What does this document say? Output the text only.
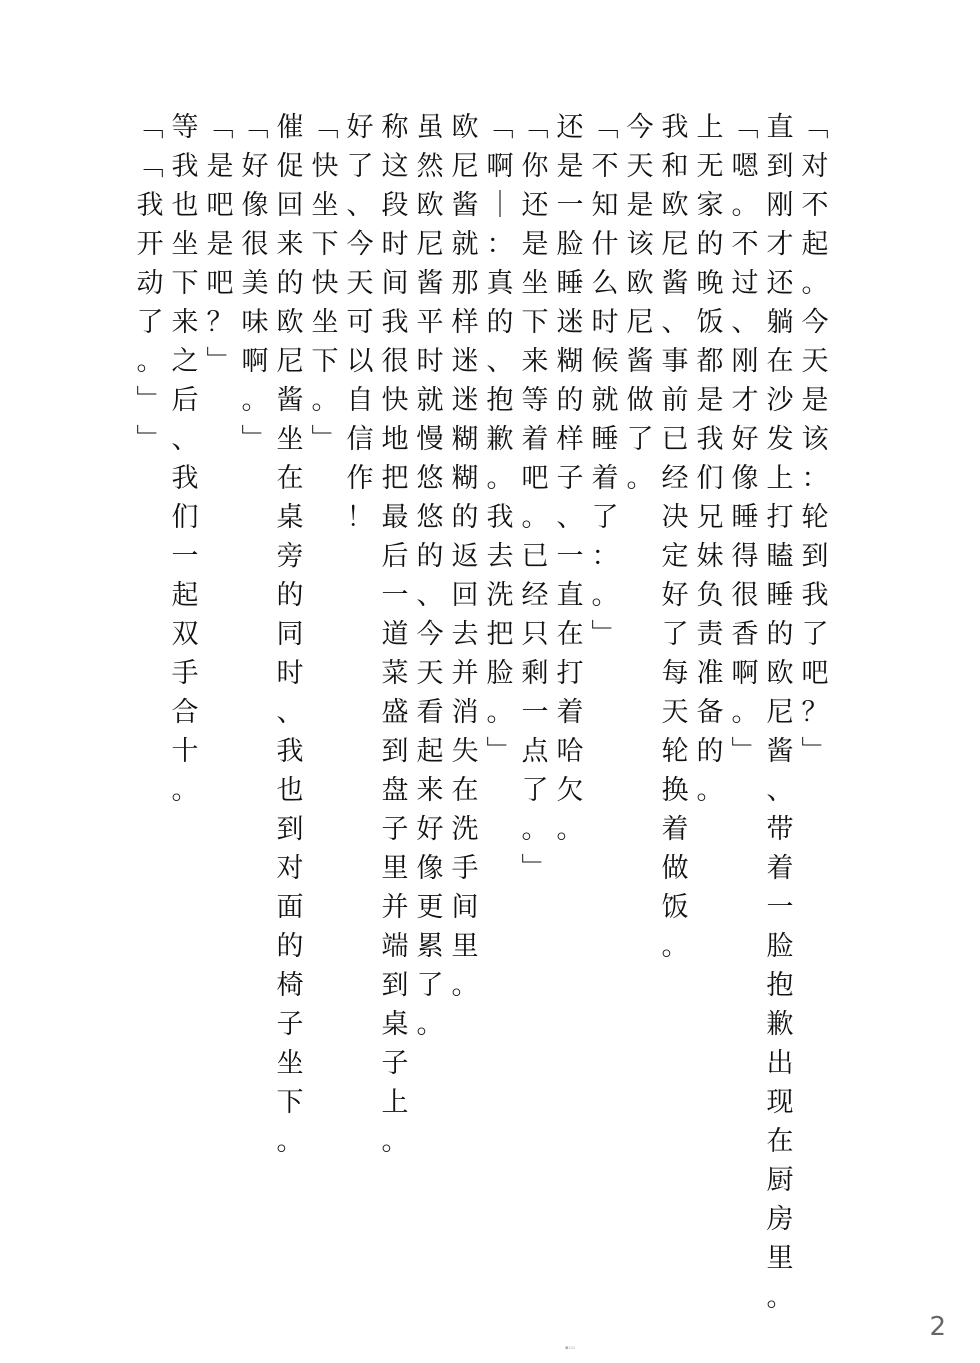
﹁
对
不
起
。
今
天
是
该
：
轮
到
我
了
吧
？
﹂
直
到
刚
才
还
躺
在
沙
发
上
打
瞌
睡
的
欧
尼
酱
、
带
着
一
脸
抱
歉
出
现
在
厨
房
里
。
﹁
嗯
。
不
过
、
刚
才
好
像
睡
得
很
香
啊
。
﹂
上
无
家
的
晚
饭
都
是
我
们
兄
妹
负
责
准
备
的
。
我
和
欧
尼
酱
、
事
前
已
经
决
定
好
了
每
天
轮
换
着
做
饭
。
今
天
是
该
欧
尼
酱
做
了
。
﹁
不
知
什
么
时
候
就
睡
着
了
：
。
﹂
还
是
一
脸
睡
迷
糊
的
样
子
、
一
直
在
打
着
哈
欠
。
﹁
你
还
是
坐
下
来
等
着
吧
。
已
经
只
剩
一
点
了
。
﹂
﹁
啊
｜
：
真
的
、
抱
歉
。
我
去
洗
把
脸
。
﹂
欧
尼
酱
就
那
样
迷
迷
糊
糊
的
返
回
去
并
消
失
在
洗
手
间
里
。
虽
然
欧
尼
酱
平
时
就
慢
悠
悠
的
、
今
天
看
起
来
好
像
更
累
了
。
称
这
段
时
间
我
很
快
地
把
最
后
一
道
菜
盛
到
盘
子
里
并
端
到
桌
子
上
。
好
了
、
今
天
可
以
自
信
作
！
﹁
快
坐
下
快
坐
下
。
﹂
催
促
回
来
的
欧
尼
酱
坐
在
桌
旁
的
同
时
、
我
也
到
对
面
的
椅
子
坐
下
。
﹁
好
像
很
美
味
啊
。
﹂
﹁
是
吧
是
吧
？
﹂
等
我
也
坐
下
来
之
后
、
我
们
一
起
双
手
合
十
。
﹁
﹁
我
开
动
了
。
﹂
﹂
2
▪▫▫
